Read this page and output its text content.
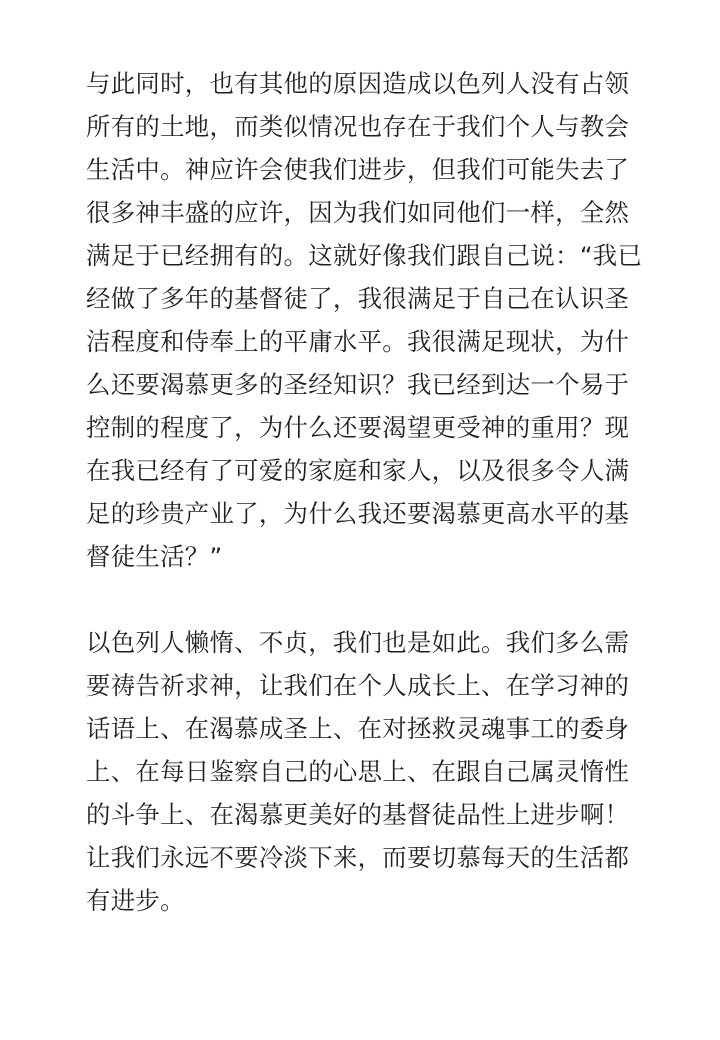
与此同时，也有其他的原因造成以色列人没有占领
所有的土地，而类似情况也存在于我们个人与教会
生活中。神应许会使我们进步，但我们可能失去了
很多神丰盛的应许，因为我们如同他们一样，全然
满足于已经拥有的。这就好像我们跟自己说：“我已
经做了多年的基督徒了，我很满足于自己在认识圣
洁程度和侍奉上的平庸水平。我很满足现状，为什
么还要渴慕更多的圣经知识？我已经到达一个易于
控制的程度了，为什么还要渴望更受神的重用？现
在我已经有了可爱的家庭和家人，以及很多令人满
足的珍贵产业了，为什么我还要渴慕更高水平的基
督徒生活？”
以色列人懒惰、不贞，我们也是如此。我们多么需
要祷告祈求神，让我们在个人成长上、在学习神的
话语上、在渴慕成圣上、在对拯救灵魂事工的委身
上、在每日鉴察自己的心思上、在跟自己属灵惰性
的斗争上、在渴慕更美好的基督徒品性上进步啊！
让我们永远不要冷淡下来，而要切慕每天的生活都
有进步。
